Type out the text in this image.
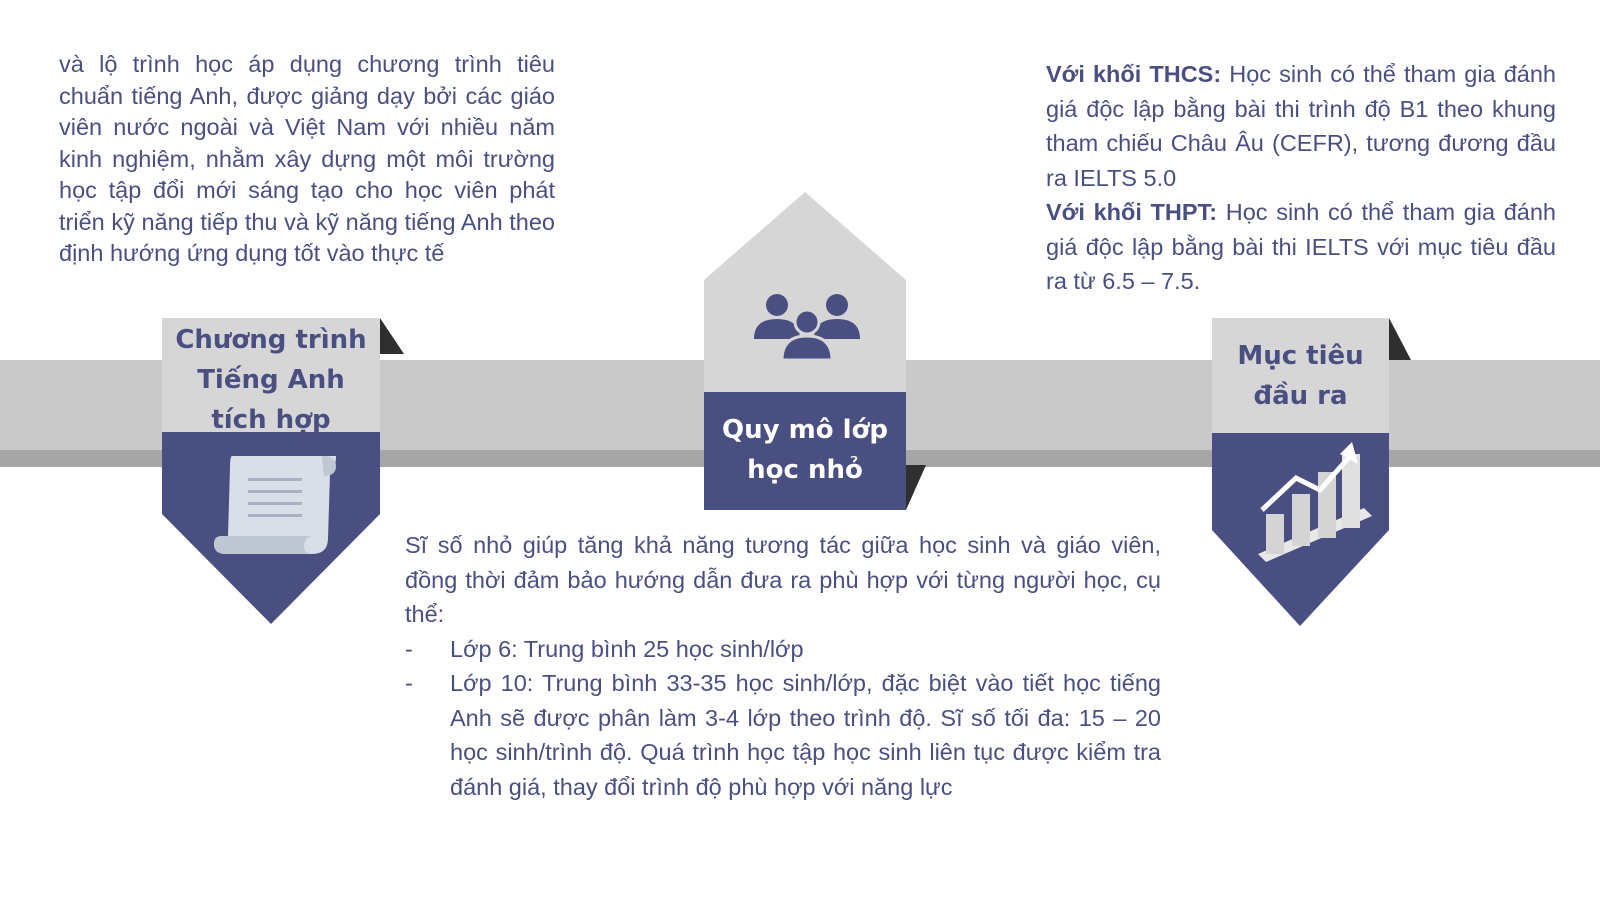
và lộ trình học áp dụng chương trình tiêu chuẩn tiếng Anh, được giảng dạy bởi các giáo viên nước ngoài và Việt Nam với nhiều năm kinh nghiệm, nhằm xây dựng một môi trường học tập đổi mới sáng tạo cho học viên phát triển kỹ năng tiếp thu và kỹ năng tiếng Anh theo định hướng ứng dụng tốt vào thực tế

Với khối THCS: Học sinh có thể tham gia đánh giá độc lập bằng bài thi trình độ B1 theo khung tham chiếu Châu Âu (CEFR), tương đương đầu ra IELTS 5.0

Với khối THPT: Học sinh có thể tham gia đánh giá độc lập bằng bài thi IELTS với mục tiêu đầu ra từ 6.5 – 7.5.

Chương trình
Tiếng Anh
tích hợp	Quy mô lớp
học nhỏ
Mục tiêu
đầu ra

Sĩ số nhỏ giúp tăng khả năng tương tác giữa học sinh và giáo viên, đồng thời đảm bảo hướng dẫn đưa ra phù hợp với từng người học, cụ thể:

- Lớp 6: Trung bình 25 học sinh/lớp
- Lớp 10: Trung bình 33-35 học sinh/lớp, đặc biệt vào tiết học tiếng Anh sẽ được phân làm 3-4 lớp theo trình độ. Sĩ số tối đa: 15 – 20 học sinh/trình độ. Quá trình học tập học sinh liên tục được kiểm tra đánh giá, thay đổi trình độ phù hợp với năng lực
